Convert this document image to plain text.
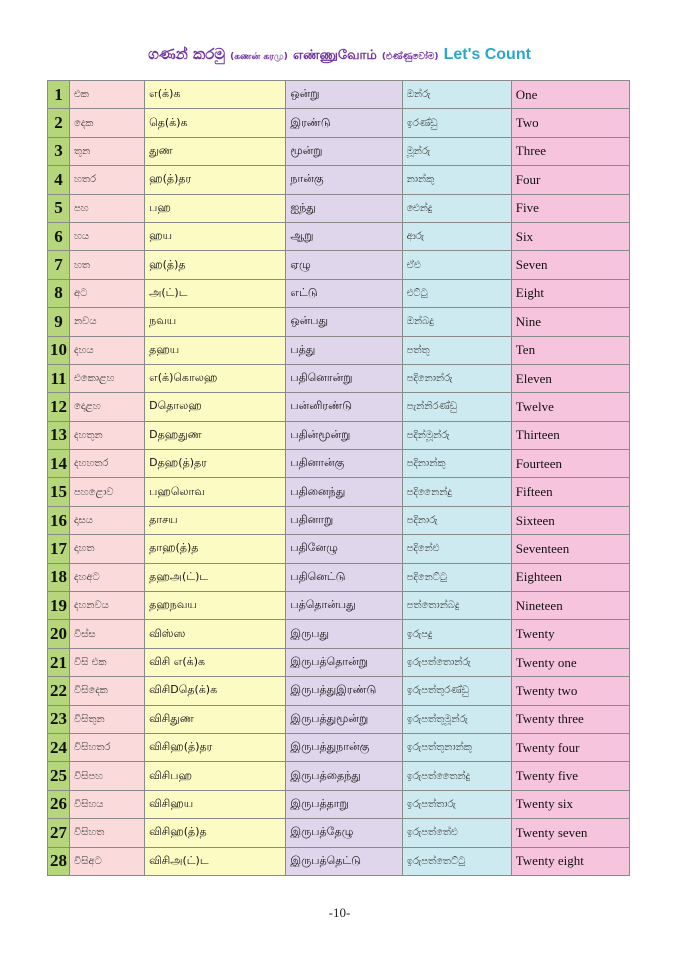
ගණන් කරමු (கணன் கரமு) எண்ணுவோம் (එණ්ණුවෝම) Let's Count
1	එක	எ(க்)க	ஒன்று	ඔන්රු	One
2	දෙක	தெ(க்)க	இரண்டு	ඉරණ්ඩු	Two
3	තුන	துண	மூன்று	මූන්රු	Three
4	හතර	ஹ(த்)தர	நான்கு	නාන්කු	Four
5	පහ	பஹ	ஐந்து	ඓන්දු	Five
6	හය	ஹய	ஆறு	ආරු	Six
7	හත	ஹ(த்)த	ஏழு	ඒළු	Seven
8	අට	அ(ட்)ட	எட்டு	එට්ටු	Eight
9	නවය	நவய	ஒன்பது	ඔන්බදු	Nine
10	දහය	தஹய	பத்து	පත්තු	Ten
11	එකොළහ	எ(க்)கொலஹ	பதினொன்று	පදිනොන්රු	Eleven
12	දොළහ	Dதொலஹ	பன்னிரண்டு	පැන්නිරණ්ඩු	Twelve
13	දහතුන	Dதஹதுண	பதின்மூன்று	පදින්මූන්රු	Thirteen
14	දහහතර	Dதஹ(த்)தர	பதினான்கு	පදිනාන්කු	Fourteen
15	පහළොව	பஹலொவ	பதினைந்து	පදිනෛන්දු	Fifteen
16	දාසය	தாசய	பதினாறு	පදිනාරු	Sixteen
17	දාහත	தாஹ(த்)த	பதினேழு	පදිනේළු	Seventeen
18	දහඅට	தஹஅ(ட்)ட	பதினெட்டு	පදිනෙට්ටු	Eighteen
19	දහනවය	தஹநவய	பத்தொன்பது	පත්තොන්බදු	Nineteen
20	විස්ස	விஸ்ஸ	இருபது	ඉරුපදු	Twenty
21	විසි එක	விசி எ(க்)க	இருபத்தொன்று	ඉරුපත්තොන්රු	Twenty one
22	විසිදෙක	விசிDதெ(க்)க	இருபத்துஇரண்டு	ඉරුපත්තුරණ්ඩු	Twenty two
23	විසිතුන	விசிதுண	இருபத்துமூன்று	ඉරුපත්තුමූන්රු	Twenty three
24	විසිහතර	விசிஹ(த்)தர	இருபத்துநான்கு	ඉරුපත්තුනාන්කු	Twenty four
25	විසිපහ	விசிபஹ	இருபத்தைந்து	ඉරුපත්තෛන්දු	Twenty five
26	විසිහය	விசிஹய	இருபத்தாறு	ඉරුපත්තාරු	Twenty six
27	විසිහත	விசிஹ(த்)த	இருபத்தேழு	ඉරුපත්තේළු	Twenty seven
28	විසිඅට	விசிஅ(ட்)ட	இருபத்தெட்டு	ඉරුපත්තෙට්ටු	Twenty eight
-10-
